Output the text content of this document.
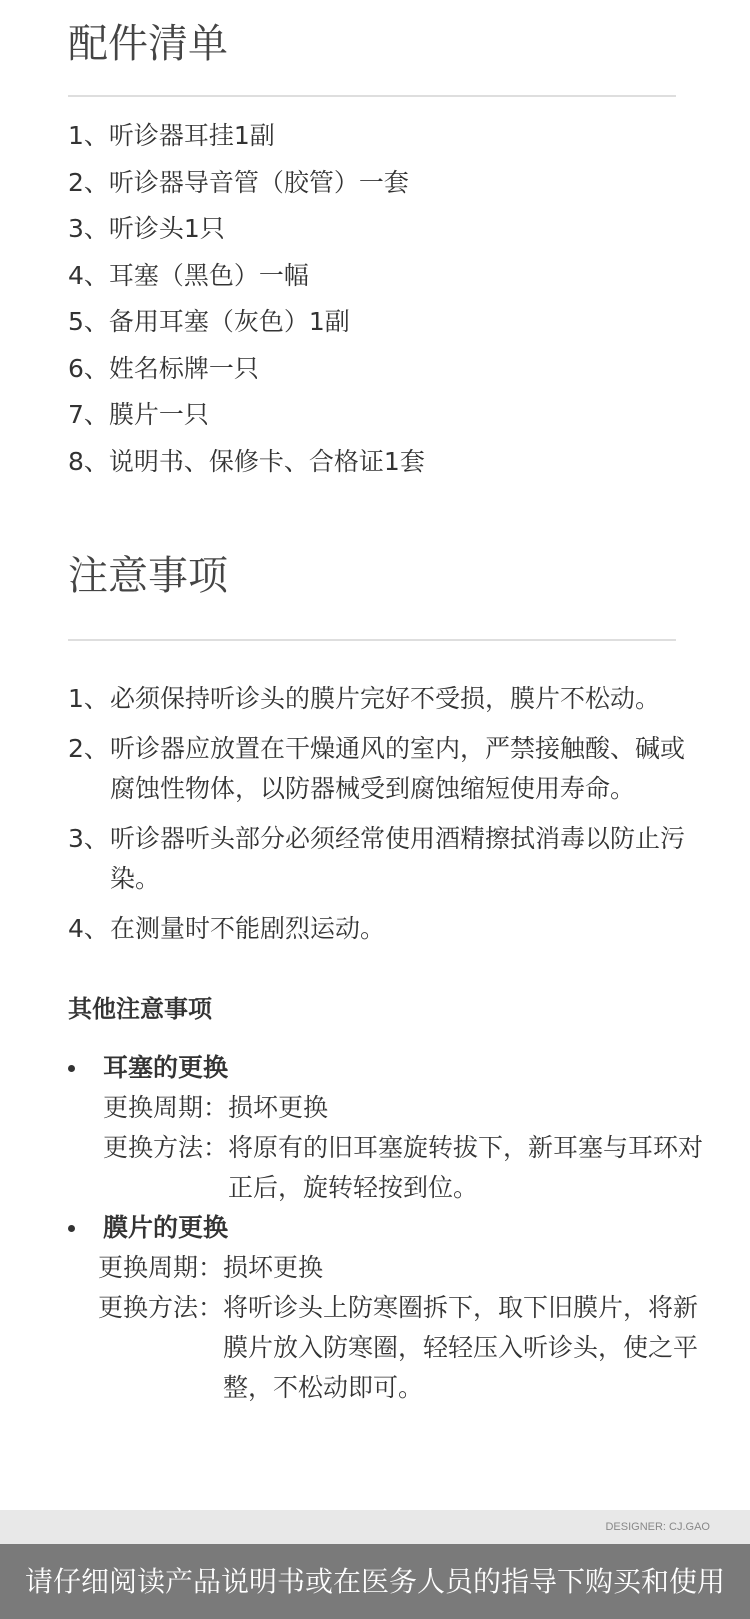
配件清单
1、听诊器耳挂1副
2、听诊器导音管（胶管）一套
3、听诊头1只
4、耳塞（黑色）一幅
5、备用耳塞（灰色）1副
6、姓名标牌一只
7、膜片一只
8、说明书、保修卡、合格证1套
注意事项
1、 必须保持听诊头的膜片完好不受损，膜片不松动。
2、 听诊器应放置在干燥通风的室内，严禁接触酸、碱或腐蚀性物体，以防器械受到腐蚀缩短使用寿命。
3、 听诊器听头部分必须经常使用酒精擦拭消毒以防止污染。
4、 在测量时不能剧烈运动。
其他注意事项
耳塞的更换
更换周期： 损坏更换
更换方法： 将原有的旧耳塞旋转拔下，新耳塞与耳环对正后，旋转轻按到位。
膜片的更换
更换周期： 损坏更换
更换方法： 将听诊头上防寒圈拆下，取下旧膜片，将新膜片放入防寒圈，轻轻压入听诊头，使之平整，不松动即可。
DESIGNER: CJ.GAO
请仔细阅读产品说明书或在医务人员的指导下购买和使用
